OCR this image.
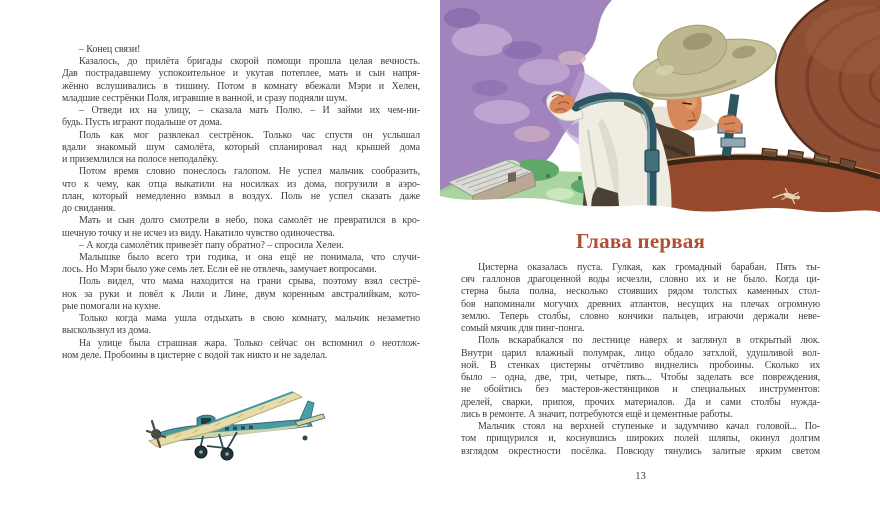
– Конец связи!
Казалось, до прилёта бригады скорой помощи прошла целая вечность.
Дав пострадавшему успокоительное и укутав потеплее, мать и сын напря-
жённо вслушивались в тишину. Потом в комнату вбежали Мэри и Хелен,
младшие сестрёнки Поля, игравшие в ванной, и сразу подняли шум.
– Отведи их на улицу, – сказала мать Полю. – И займи их чем-ни-
будь. Пусть играют подальше от дома.
Поль как мог развлекал сестрёнок. Только час спустя он услышал
вдали знакомый шум самолёта, который спланировал над крышей дома
и приземлился на полосе неподалёку.
Потом время словно понеслось галопом. Не успел мальчик сообразить,
что к чему, как отца выкатили на носилках из дома, погрузили в аэро-
план, который немедленно взмыл в воздух. Поль не успел сказать даже
до свидания.
Мать и сын долго смотрели в небо, пока самолёт не превратился в кро-
шечную точку и не исчез из виду. Накатило чувство одиночества.
– А когда самолётик привезёт папу обратно? – спросила Хелен.
Малышке было всего три годика, и она ещё не понимала, что случи-
лось. Но Мэри было уже семь лет. Если её не отвлечь, замучает вопросами.
Поль видел, что мама находится на грани срыва, поэтому взял сестрё-
нок за руки и повёл к Лили и Лине, двум коренным австралийкам, кото-
рые помогали на кухне.
Только когда мама ушла отдыхать в свою комнату, мальчик незаметно
выскользнул из дома.
На улице была страшная жара. Только сейчас он вспомнил о неотлож-
ном деле. Пробоины в цистерне с водой так никто и не заделал.
Глава первая
Цистерна оказалась пуста. Гулкая, как громадный барабан. Пять ты-
сяч галлонов драгоценной воды исчезли, словно их и не было. Когда ци-
стерна была полна, несколько стоявших рядом толстых каменных стол-
бов напоминали могучих древних атлантов, несущих на плечах огромную
землю. Теперь столбы, словно кончики пальцев, играючи держали неве-
сомый мячик для пинг-понга.
Поль вскарабкался по лестнице наверх и заглянул в открытый люк.
Внутри царил влажный полумрак, лицо обдало затхлой, удушливой вол-
ной. В стенках цистерны отчётливо виднелись пробоины. Сколько их
было – одна, две, три, четыре, пять... Чтобы заделать все повреждения,
не обойтись без мастеров-жестянщиков и специальных инструментов:
дрелей, сварки, припоя, прочих материалов. Да и сами столбы нужда-
лись в ремонте. А значит, потребуются ещё и цементные работы.
Мальчик стоял на верхней ступеньке и задумчиво качал головой... По-
том прищурился и, коснувшись широких полей шляпы, окинул долгим
взглядом окрестности посёлка. Повсюду тянулись залитые ярким светом
13
